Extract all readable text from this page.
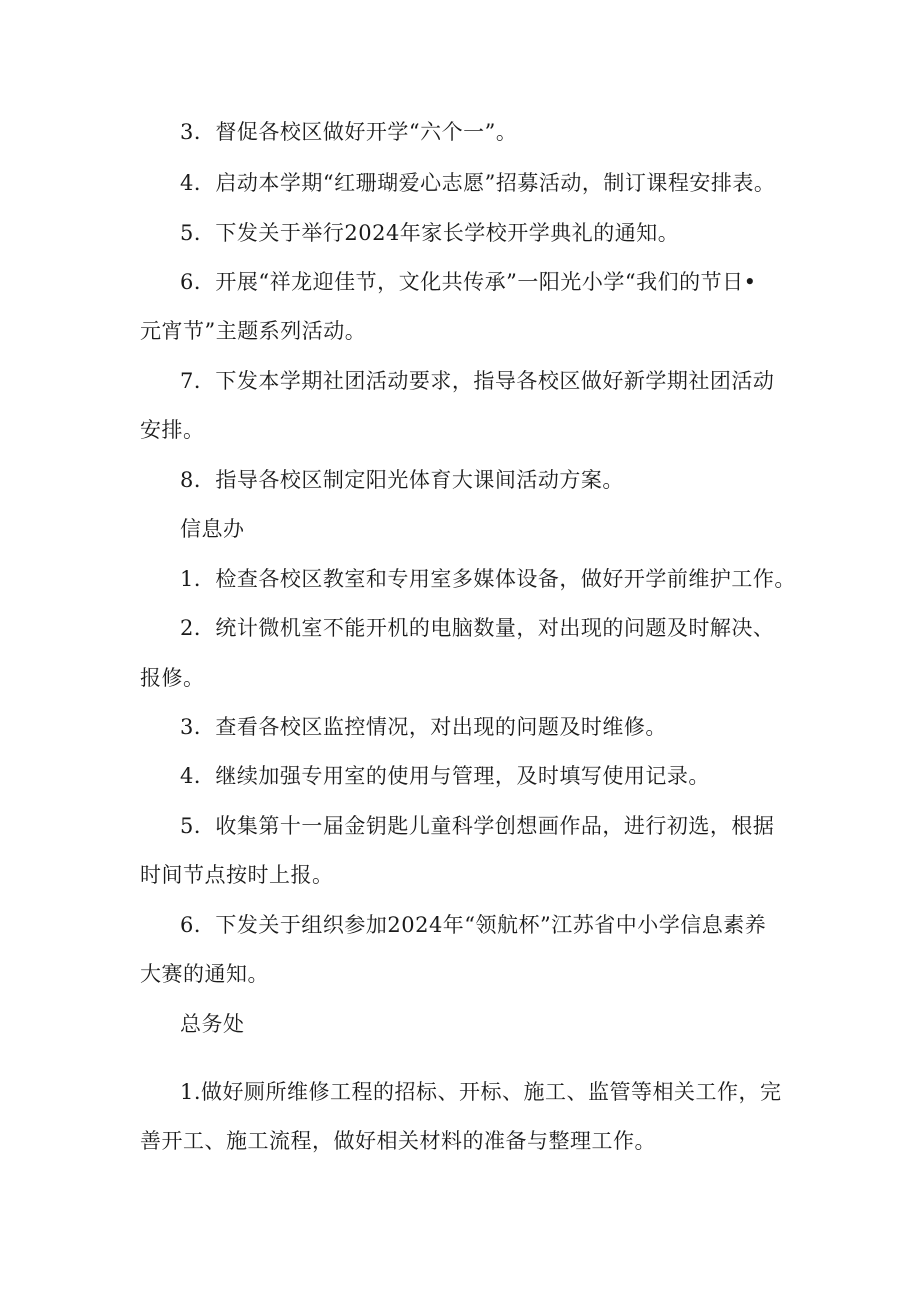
3．督促各校区做好开学“六个一”。
4．启动本学期“红珊瑚爱心志愿”招募活动，制订课程安排表。
5．下发关于举行2024年家长学校开学典礼的通知。
6．开展“祥龙迎佳节，文化共传承”一阳光小学“我们的节日•
元宵节”主题系列活动。
7．下发本学期社团活动要求，指导各校区做好新学期社团活动
安排。
8．指导各校区制定阳光体育大课间活动方案。
信息办
1．检查各校区教室和专用室多媒体设备，做好开学前维护工作。
2．统计微机室不能开机的电脑数量，对出现的问题及时解决、
报修。
3．查看各校区监控情况，对出现的问题及时维修。
4．继续加强专用室的使用与管理，及时填写使用记录。
5．收集第十一届金钥匙儿童科学创想画作品，进行初选，根据
时间节点按时上报。
6．下发关于组织参加2024年“领航杯”江苏省中小学信息素养
大赛的通知。
总务处
1.做好厕所维修工程的招标、开标、施工、监管等相关工作，完
善开工、施工流程，做好相关材料的准备与整理工作。
